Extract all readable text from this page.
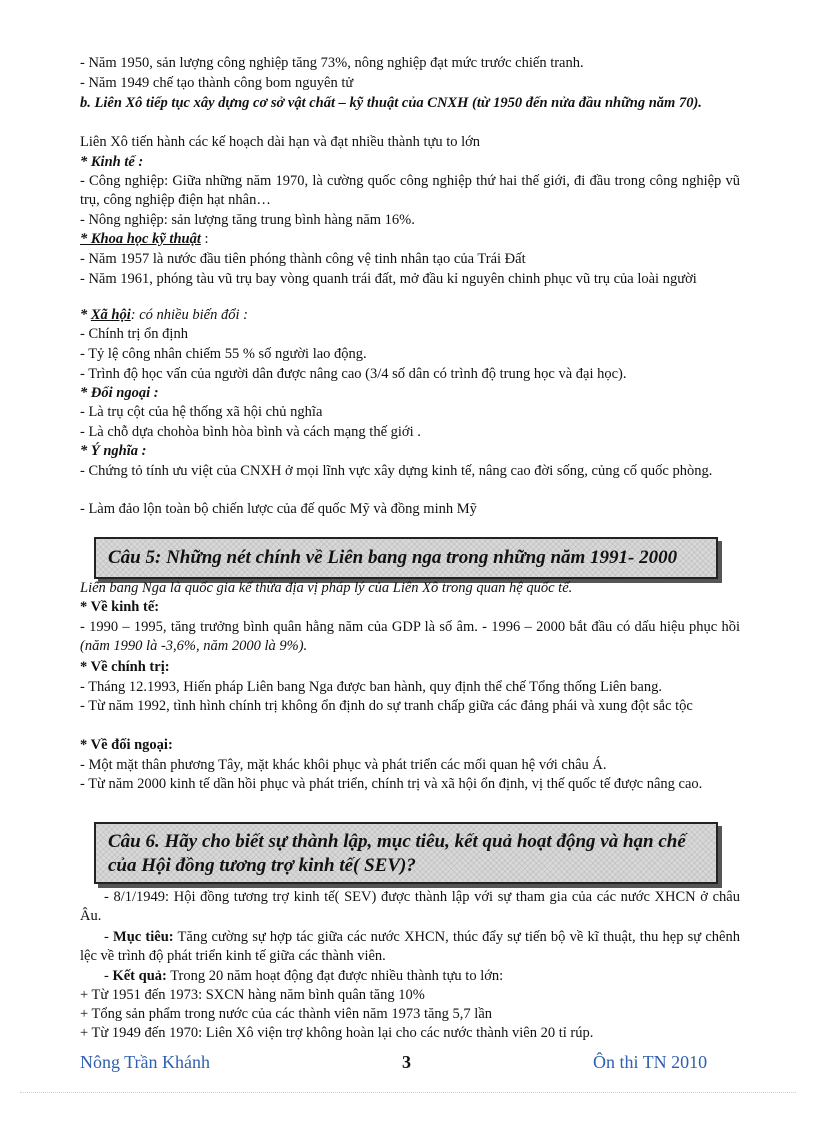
- Năm 1950, sản lượng công nghiệp tăng 73%, nông nghiệp đạt mức trước chiến tranh.
- Năm 1949 chế tạo thành công bom nguyên tử
b. Liên Xô tiếp tục xây dựng cơ sở vật chất – kỹ thuật của CNXH (từ 1950 đến nửa đầu những năm 70).
Liên Xô tiến hành các kế hoạch dài hạn và đạt nhiều thành tựu to lớn
* Kinh tế :
- Công nghiệp: Giữa những năm 1970, là cường quốc công nghiệp thứ hai thế giới, đi đầu trong công nghiệp vũ trụ, công nghiệp điện hạt nhân…
- Nông nghiệp: sản lượng tăng trung bình hàng năm 16%.
* Khoa học kỹ thuật :
- Năm 1957 là nước đầu tiên phóng thành công vệ tinh nhân tạo của Trái Đất
- Năm 1961, phóng tàu vũ trụ bay vòng quanh trái đất, mở đầu kỉ nguyên chinh phục vũ trụ của loài người
* Xã hội: có nhiều biến đổi :
- Chính trị ổn định
- Tỷ lệ công nhân chiếm 55 % số người lao động.
- Trình độ học vấn của người dân được nâng cao (3/4 số dân có trình độ trung học và đại học).
* Đối ngoại :
- Là trụ cột của hệ thống xã hội chủ nghĩa
- Là chỗ dựa chohòa bình hòa bình và cách mạng thế giới .
* Ý nghĩa :
- Chứng tỏ tính ưu việt của CNXH ở mọi lĩnh vực xây dựng kinh tế, nâng cao đời sống, củng cố quốc phòng.
- Làm đảo lộn toàn bộ chiến lược của đế quốc Mỹ và đồng minh Mỹ
Câu 5: Những nét chính về Liên bang nga trong những năm 1991- 2000
Liên bang Nga là quốc gia kế thừa địa vị pháp lý của Liên Xô trong quan hệ quốc tế.
* Về kinh tế:
- 1990 – 1995, tăng trưởng bình quân hằng năm của GDP là số âm. - 1996 – 2000 bắt đầu có dấu hiệu phục hồi (năm 1990 là -3,6%, năm 2000 là 9%).
* Về chính trị:
- Tháng 12.1993, Hiến pháp Liên bang Nga được ban hành, quy định thể chế Tổng thống Liên bang.
- Từ năm 1992, tình hình chính trị không ổn định do sự tranh chấp giữa các đảng phái và xung đột sắc tộc
* Về đối ngoại:
- Một mặt thân phương Tây, mặt khác khôi phục và phát triển các mối quan hệ với châu Á.
- Từ năm 2000 kinh tế dần hồi phục và phát triển, chính trị và xã hội ổn định, vị thế quốc tế được nâng cao.
Câu 6. Hãy cho biết sự thành lập, mục tiêu, kết quả hoạt động và hạn chế của Hội đồng tương trợ kinh tế( SEV)?
- 8/1/1949: Hội đồng tương trợ kinh tế( SEV) được thành lập với sự tham gia của các nước XHCN ở châu Âu.
- Mục tiêu: Tăng cường sự hợp tác giữa các nước XHCN, thúc đẩy sự tiến bộ về kĩ thuật, thu hẹp sự chênh lệc về trình độ phát triển kinh tế giữa các thành viên.
- Kết quả: Trong 20 năm hoạt động đạt được nhiều thành tựu to lớn:
+ Từ 1951 đến 1973: SXCN hàng năm bình quân tăng 10%
+ Tổng sản phẩm trong nước của các thành viên năm 1973 tăng 5,7 lần
+ Từ 1949 đến 1970: Liên Xô viện trợ không hoàn lại cho các nước thành viên 20 tỉ rúp.
Nông Trần Khánh	3	Ôn thi TN 2010
